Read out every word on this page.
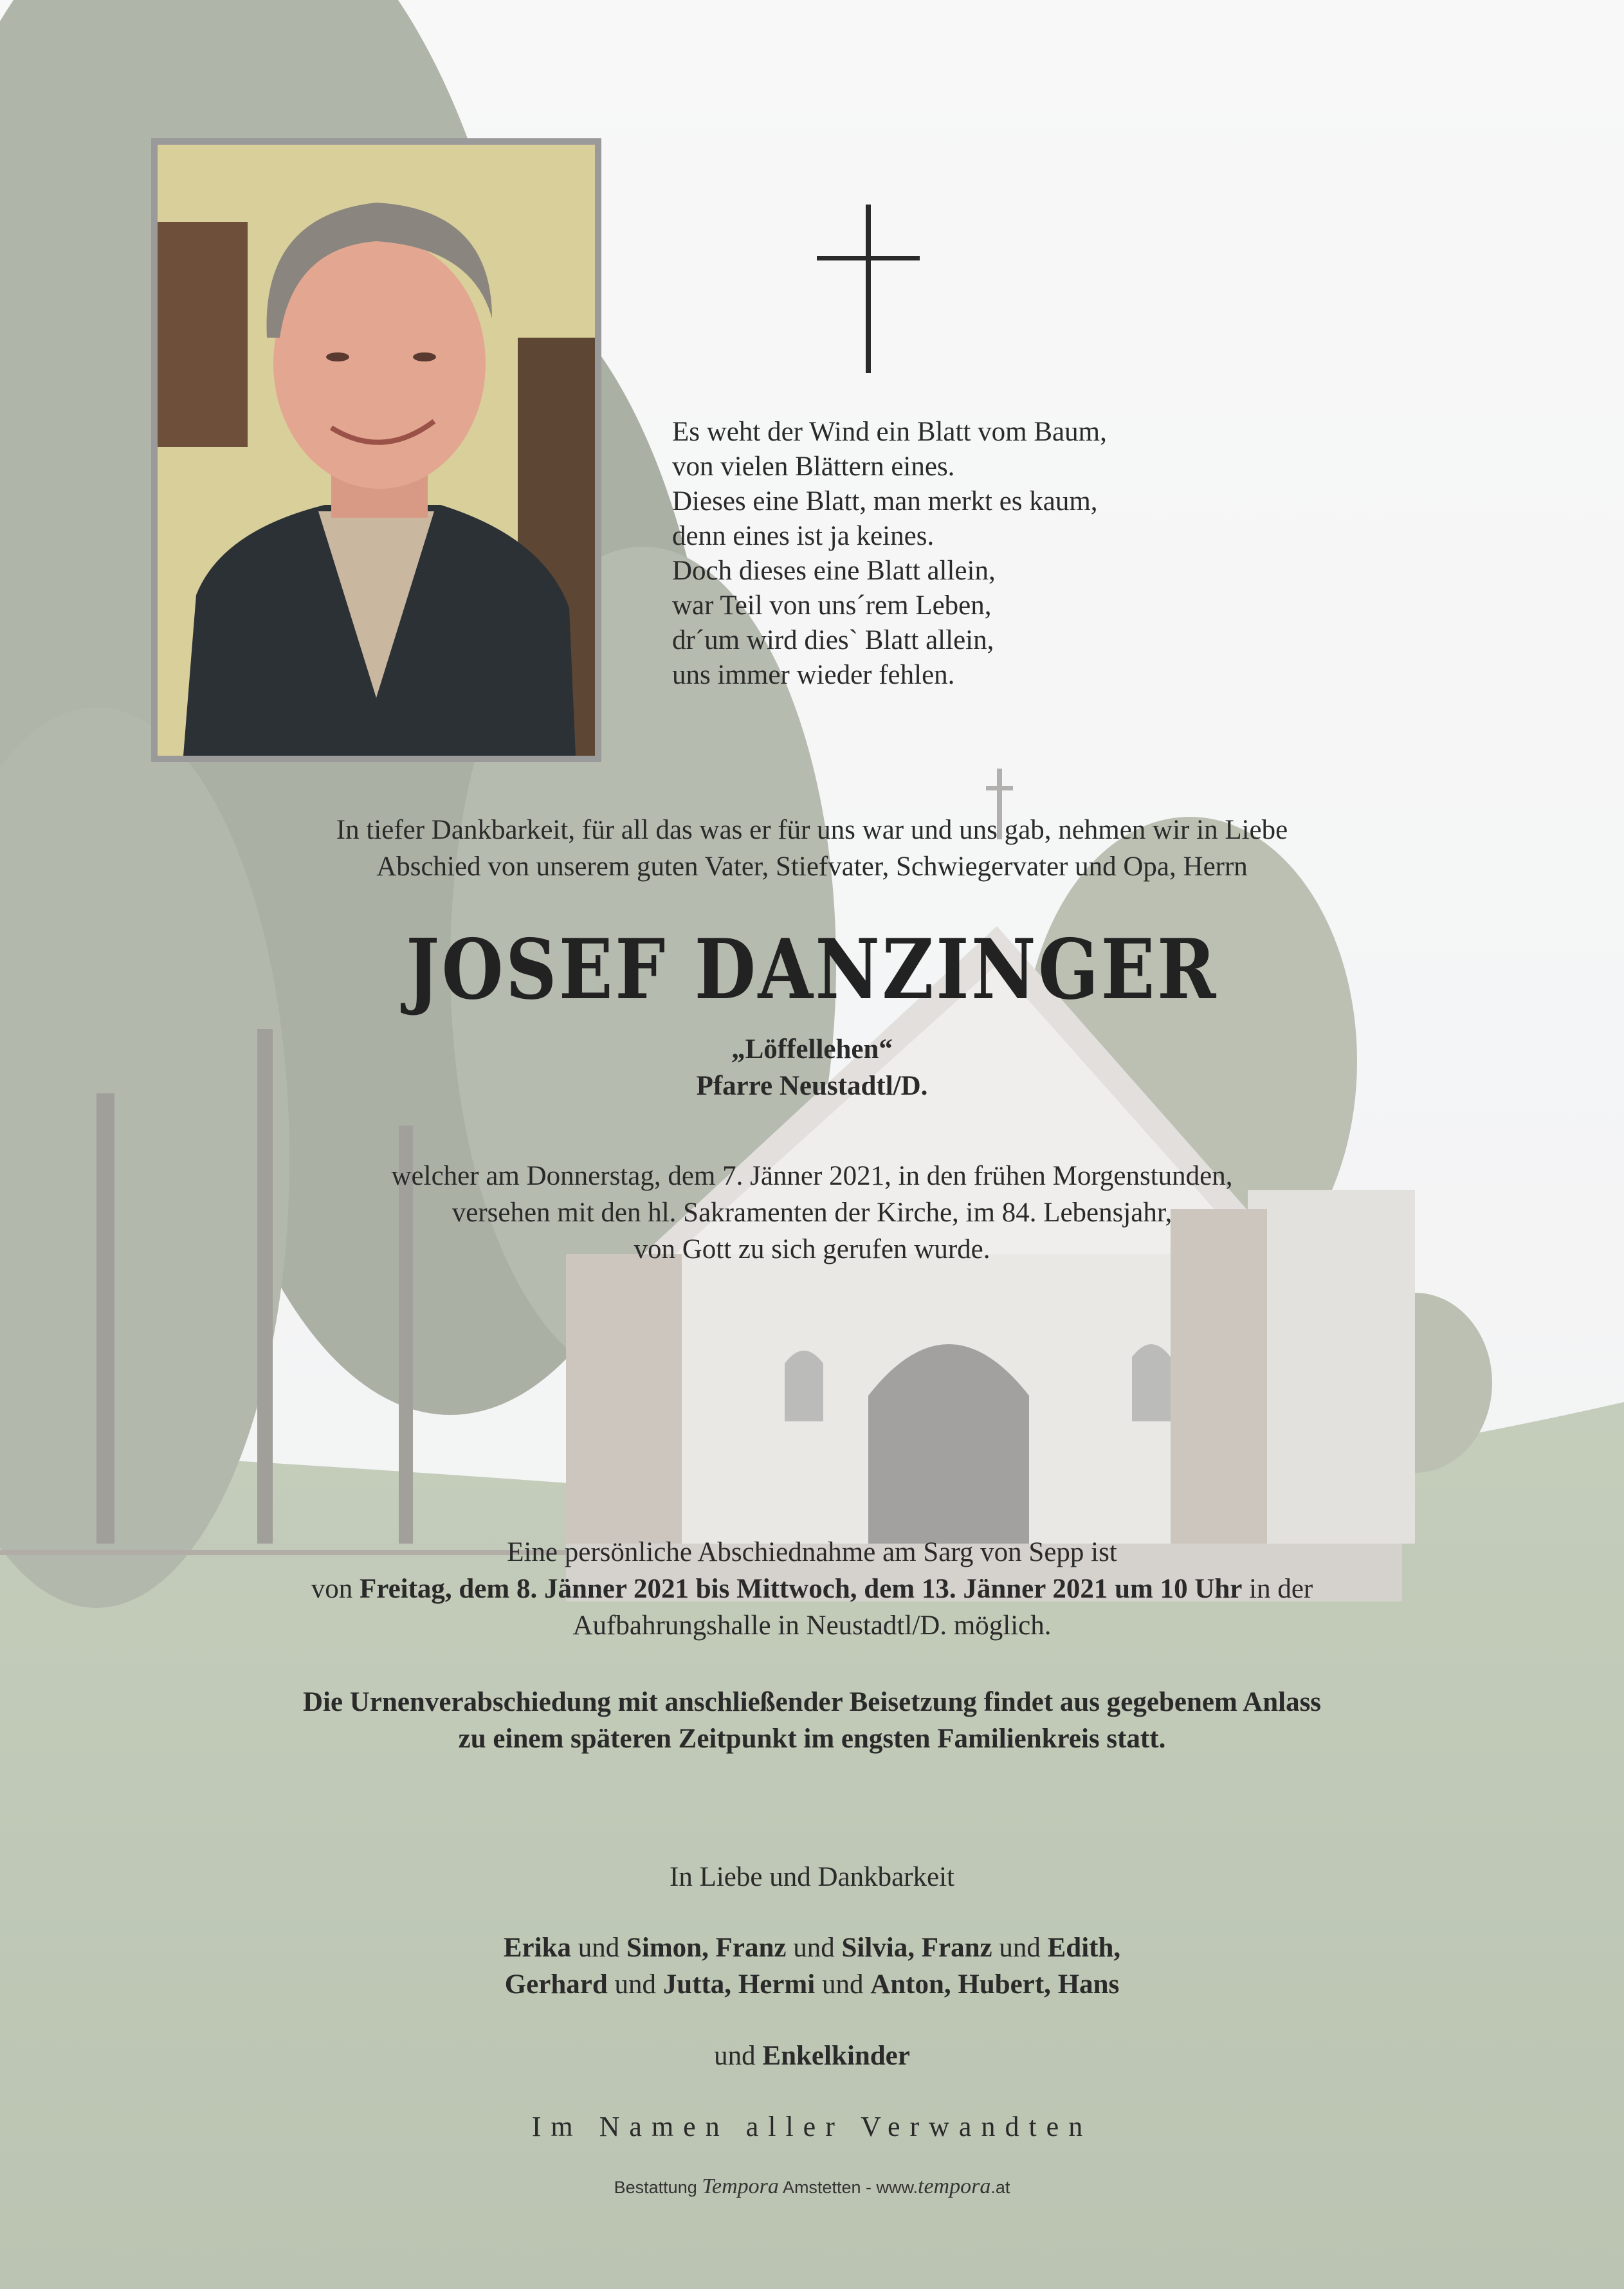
Es weht der Wind ein Blatt vom Baum,
von vielen Blättern eines.
Dieses eine Blatt, man merkt es kaum,
denn eines ist ja keines.
Doch dieses eine Blatt allein,
war Teil von uns´rem Leben,
dr´um wird dies` Blatt allein,
uns immer wieder fehlen.
In tiefer Dankbarkeit, für all das was er für uns war und uns gab, nehmen wir in Liebe
Abschied von unserem guten Vater, Stiefvater, Schwiegervater und Opa, Herrn
JOSEF DANZINGER
„Löffellehen“
Pfarre Neustadtl/D.
welcher am Donnerstag, dem 7. Jänner 2021, in den frühen Morgenstunden,
versehen mit den hl. Sakramenten der Kirche, im 84. Lebensjahr,
von Gott zu sich gerufen wurde.
Eine persönliche Abschiednahme am Sarg von Sepp ist
von Freitag, dem 8. Jänner 2021 bis Mittwoch, dem 13. Jänner 2021 um 10 Uhr in der
Aufbahrungshalle in Neustadtl/D. möglich.
Die Urnenverabschiedung mit anschließender Beisetzung findet aus gegebenem Anlass
zu einem späteren Zeitpunkt im engsten Familienkreis statt.
In Liebe und Dankbarkeit
Erika und Simon, Franz und Silvia, Franz und Edith,
Gerhard und Jutta, Hermi und Anton, Hubert, Hans
und Enkelkinder
Im Namen aller Verwandten
Bestattung Tempora Amstetten - www.tempora.at
